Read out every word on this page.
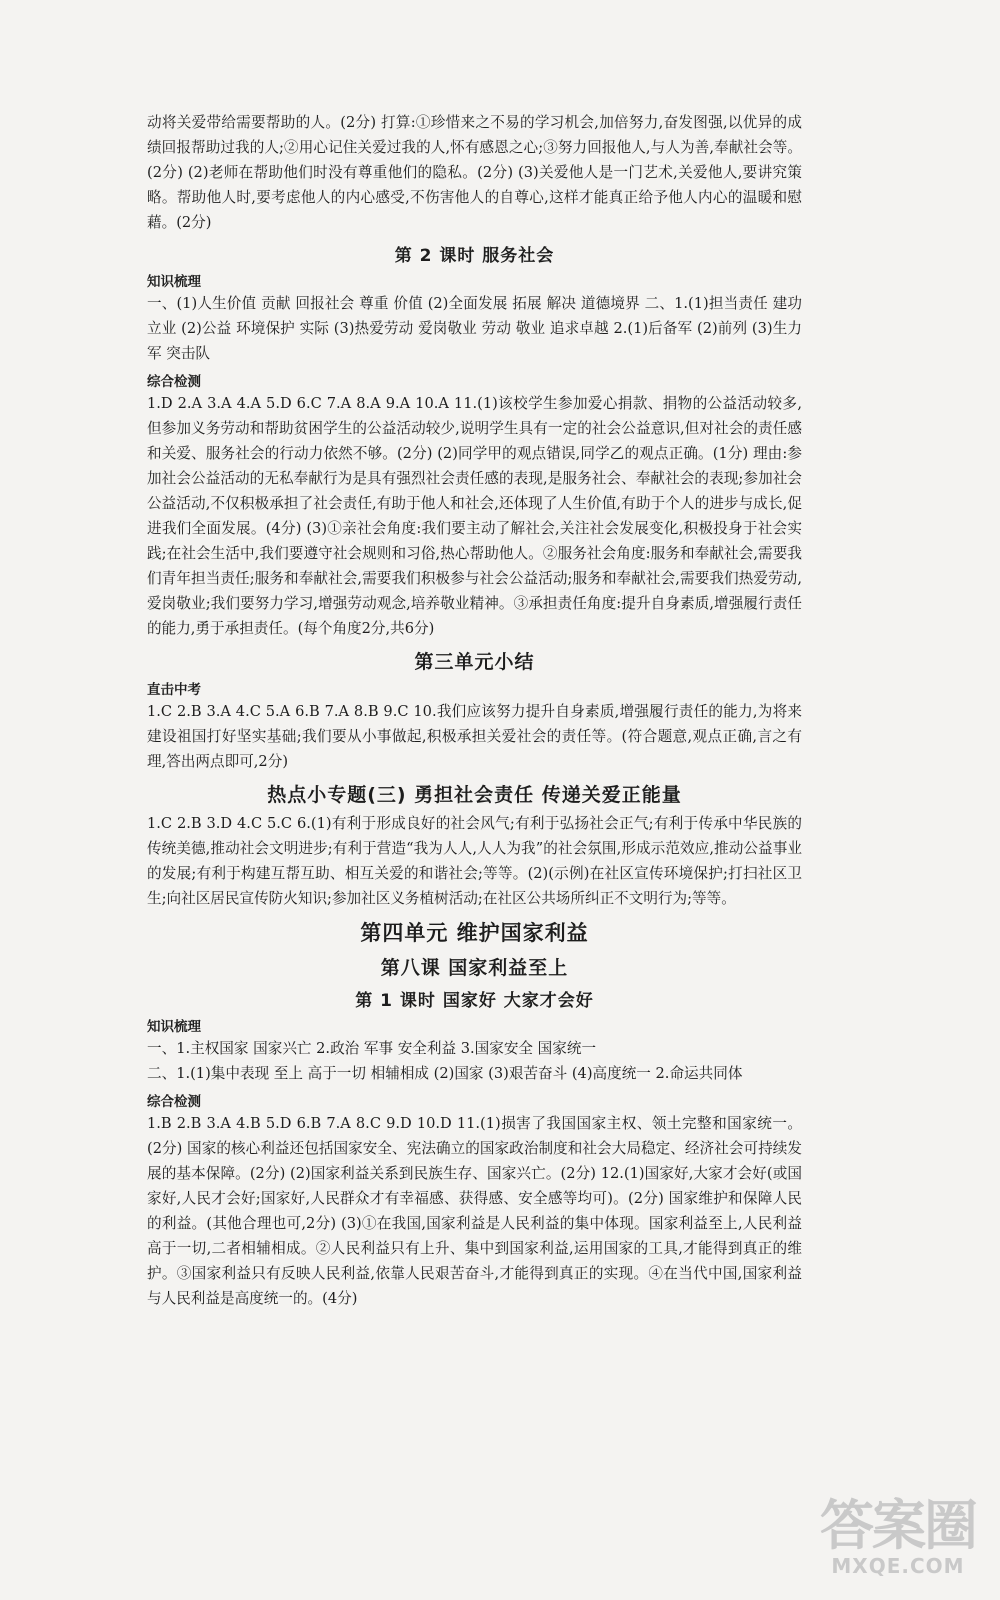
动将关爱带给需要帮助的人。(2分) 打算:①珍惜来之不易的学习机会,加倍努力,奋发图强,以优异的成绩回报帮助过我的人;②用心记住关爱过我的人,怀有感恩之心;③努力回报他人,与人为善,奉献社会等。(2分) (2)老师在帮助他们时没有尊重他们的隐私。(2分) (3)关爱他人是一门艺术,关爱他人,要讲究策略。帮助他人时,要考虑他人的内心感受,不伤害他人的自尊心,这样才能真正给予他人内心的温暖和慰藉。(2分)

第 2 课时 服务社会
知识梳理

一、(1)人生价值 贡献 回报社会 尊重 价值 (2)全面发展 拓展 解决 道德境界 二、1.(1)担当责任 建功立业 (2)公益 环境保护 实际 (3)热爱劳动 爱岗敬业 劳动 敬业 追求卓越 2.(1)后备军 (2)前列 (3)生力军 突击队

综合检测

1.D 2.A 3.A 4.A 5.D 6.C 7.A 8.A 9.A 10.A 11.(1)该校学生参加爱心捐款、捐物的公益活动较多,但参加义务劳动和帮助贫困学生的公益活动较少,说明学生具有一定的社会公益意识,但对社会的责任感和关爱、服务社会的行动力依然不够。(2分) (2)同学甲的观点错误,同学乙的观点正确。(1分) 理由:参加社会公益活动的无私奉献行为是具有强烈社会责任感的表现,是服务社会、奉献社会的表现;参加社会公益活动,不仅积极承担了社会责任,有助于他人和社会,还体现了人生价值,有助于个人的进步与成长,促进我们全面发展。(4分) (3)①亲社会角度:我们要主动了解社会,关注社会发展变化,积极投身于社会实践;在社会生活中,我们要遵守社会规则和习俗,热心帮助他人。②服务社会角度:服务和奉献社会,需要我们青年担当责任;服务和奉献社会,需要我们积极参与社会公益活动;服务和奉献社会,需要我们热爱劳动,爱岗敬业;我们要努力学习,增强劳动观念,培养敬业精神。③承担责任角度:提升自身素质,增强履行责任的能力,勇于承担责任。(每个角度2分,共6分)

第三单元小结
直击中考

1.C 2.B 3.A 4.C 5.A 6.B 7.A 8.B 9.C 10.我们应该努力提升自身素质,增强履行责任的能力,为将来建设祖国打好坚实基础;我们要从小事做起,积极承担关爱社会的责任等。(符合题意,观点正确,言之有理,答出两点即可,2分)

热点小专题(三) 勇担社会责任 传递关爱正能量

1.C 2.B 3.D 4.C 5.C 6.(1)有利于形成良好的社会风气;有利于弘扬社会正气;有利于传承中华民族的传统美德,推动社会文明进步;有利于营造“我为人人,人人为我”的社会氛围,形成示范效应,推动公益事业的发展;有利于构建互帮互助、相互关爱的和谐社会;等等。(2)(示例)在社区宣传环境保护;打扫社区卫生;向社区居民宣传防火知识;参加社区义务植树活动;在社区公共场所纠正不文明行为;等等。

第四单元 维护国家利益
第八课 国家利益至上
第 1 课时 国家好 大家才会好
知识梳理

一、1.主权国家 国家兴亡 2.政治 军事 安全利益 3.国家安全 国家统一

二、1.(1)集中表现 至上 高于一切 相辅相成 (2)国家 (3)艰苦奋斗 (4)高度统一 2.命运共同体

综合检测

1.B 2.B 3.A 4.B 5.D 6.B 7.A 8.C 9.D 10.D 11.(1)损害了我国国家主权、领土完整和国家统一。(2分) 国家的核心利益还包括国家安全、宪法确立的国家政治制度和社会大局稳定、经济社会可持续发展的基本保障。(2分) (2)国家利益关系到民族生存、国家兴亡。(2分) 12.(1)国家好,大家才会好(或国家好,人民才会好;国家好,人民群众才有幸福感、获得感、安全感等均可)。(2分) 国家维护和保障人民的利益。(其他合理也可,2分) (3)①在我国,国家利益是人民利益的集中体现。国家利益至上,人民利益高于一切,二者相辅相成。②人民利益只有上升、集中到国家利益,运用国家的工具,才能得到真正的维护。③国家利益只有反映人民利益,依靠人民艰苦奋斗,才能得到真正的实现。④在当代中国,国家利益与人民利益是高度统一的。(4分)

答案圈
MXQE.COM
